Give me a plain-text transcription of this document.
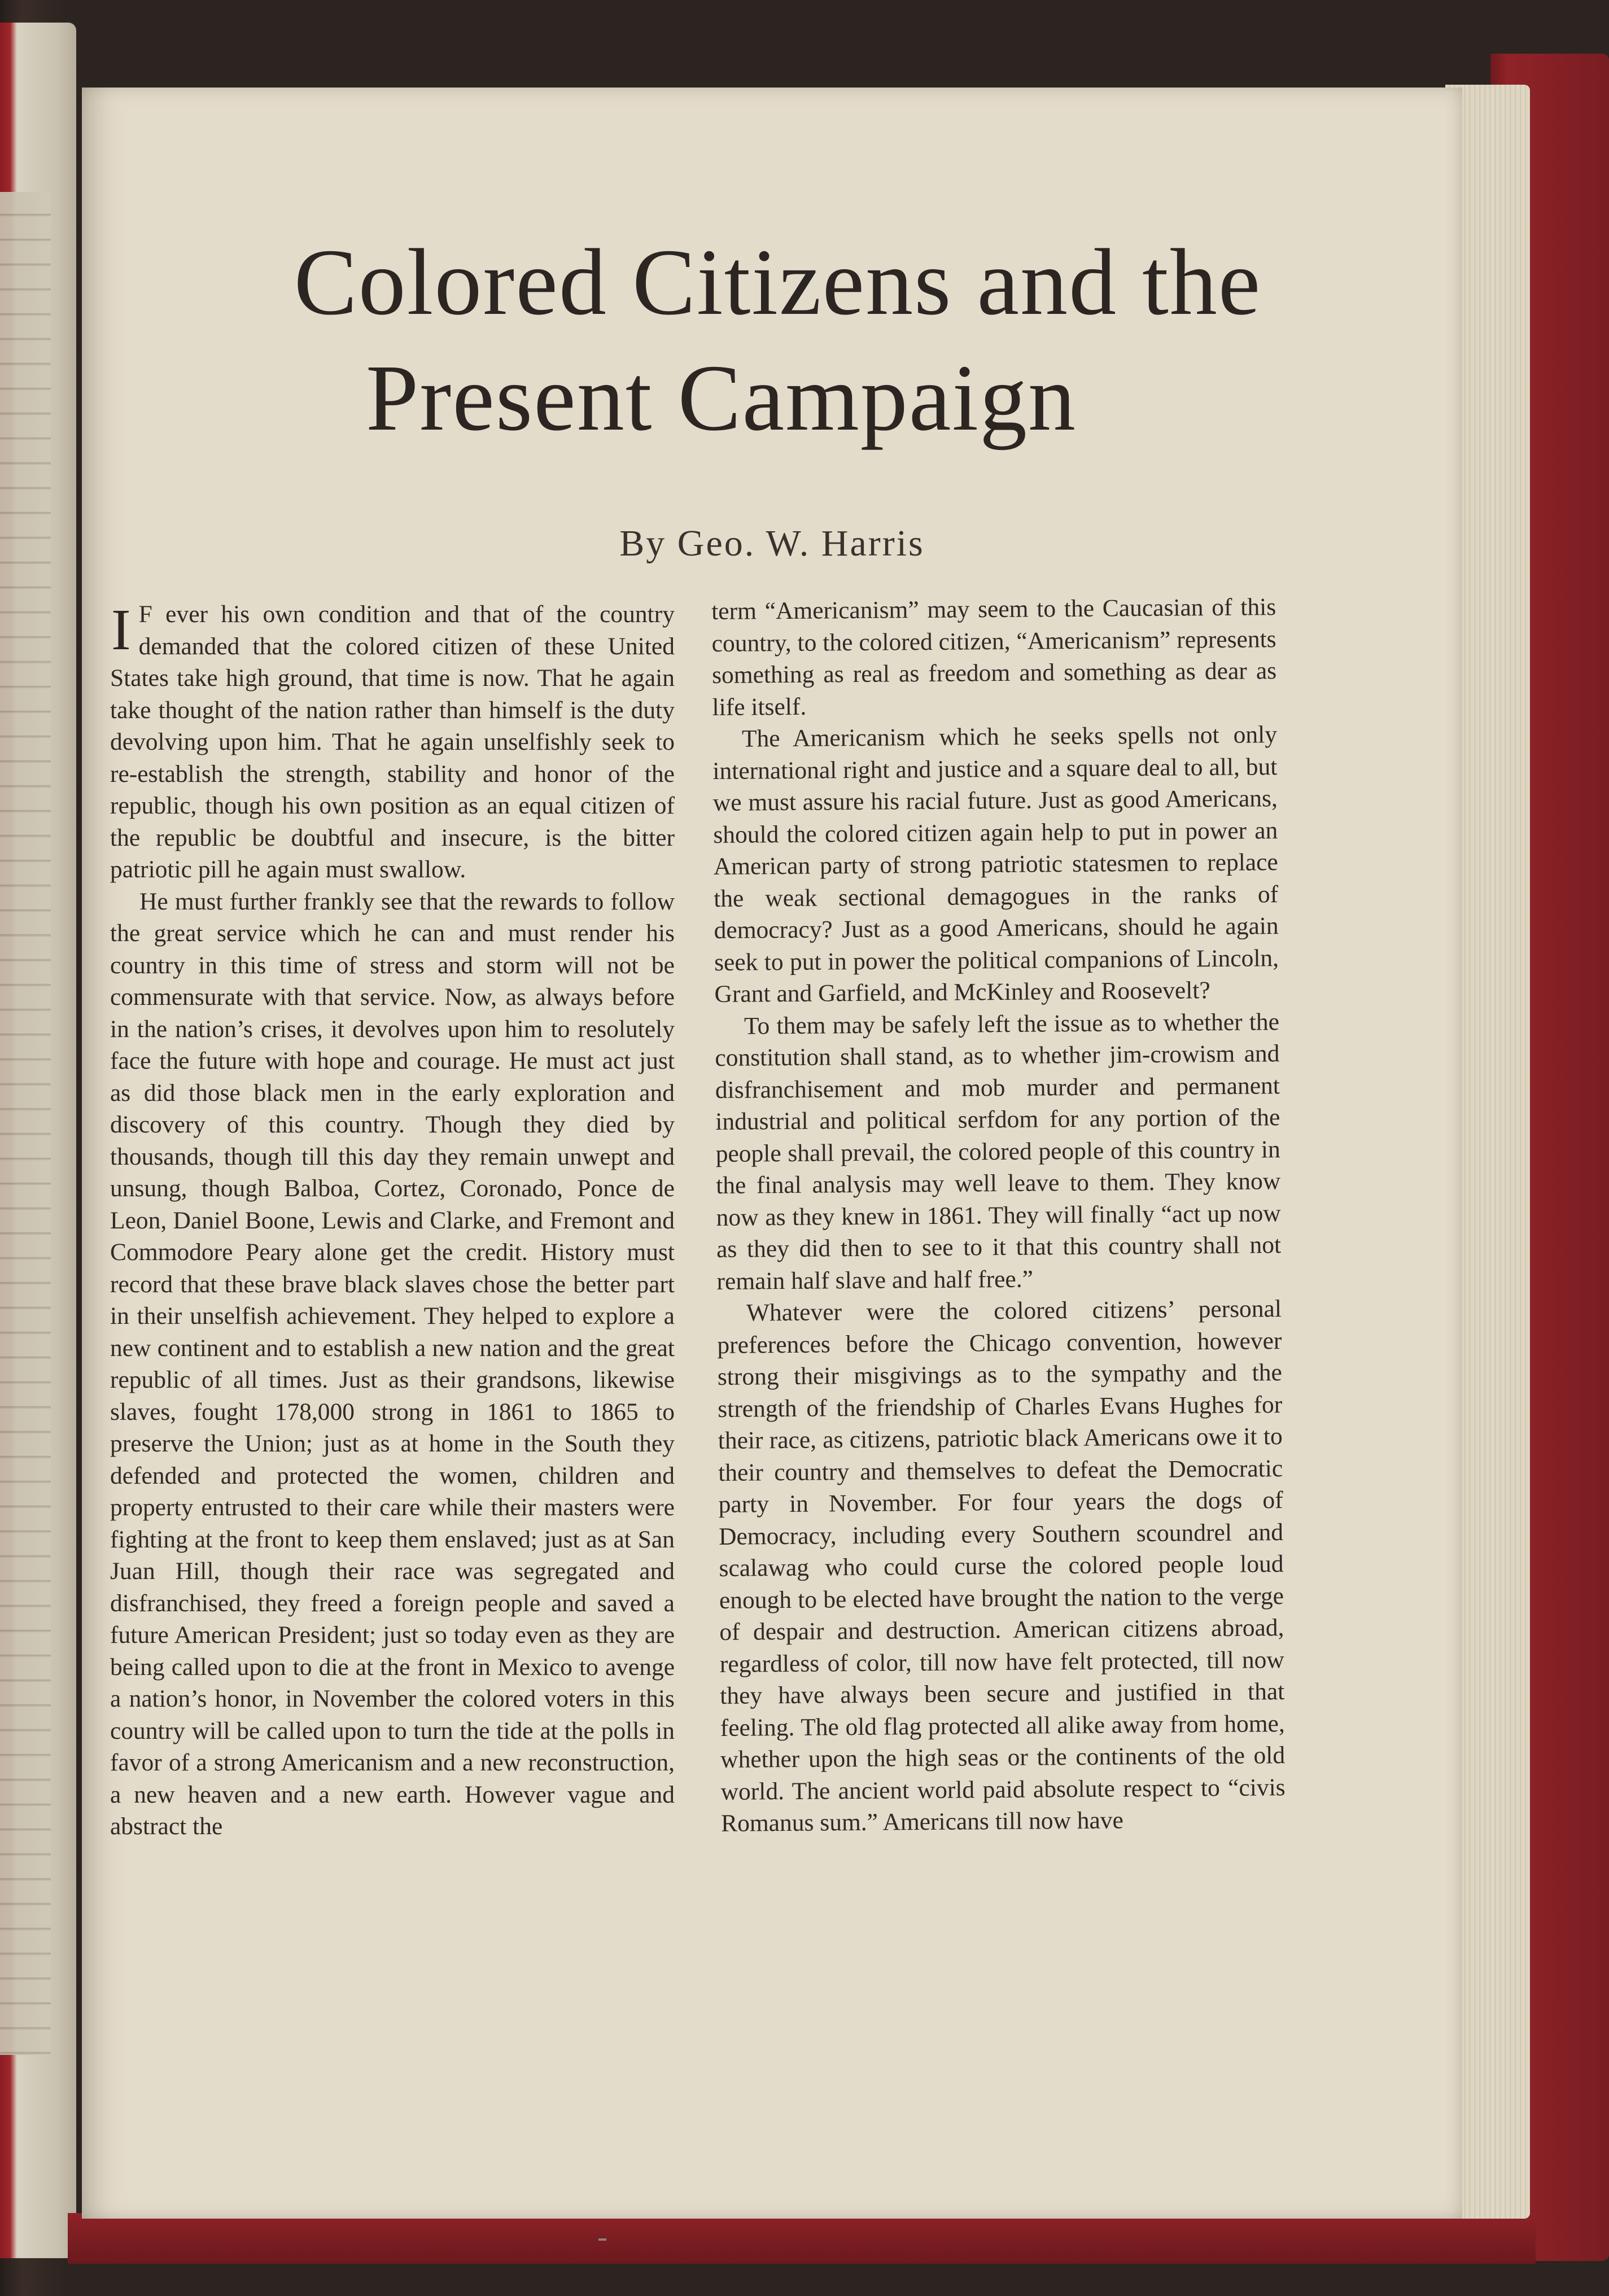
Colored Citizens and the
Present Campaign
By Geo. W. Harris

I F ever his own condition and that of the country demanded that the colored citizen of these United States take high ground, that time is now. That he again take thought of the nation rather than himself is the duty devolving upon him. That he again unselfishly seek to re-establish the strength, stability and honor of the republic, though his own position as an equal citizen of the republic be doubtful and insecure, is the bitter patriotic pill he again must swallow.

He must further frankly see that the rewards to follow the great service which he can and must render his country in this time of stress and storm will not be commensurate with that service. Now, as always before in the nation’s crises, it devolves upon him to resolutely face the future with hope and courage. He must act just as did those black men in the early exploration and discovery of this country. Though they died by thousands, though till this day they remain unwept and unsung, though Balboa, Cortez, Coronado, Ponce de Leon, Daniel Boone, Lewis and Clarke, and Fremont and Commodore Peary alone get the credit. History must record that these brave black slaves chose the better part in their unselfish achievement. They helped to explore a new continent and to establish a new nation and the great republic of all times. Just as their grandsons, likewise slaves, fought 178,000 strong in 1861 to 1865 to preserve the Union; just as at home in the South they defended and protected the women, children and property entrusted to their care while their masters were fighting at the front to keep them enslaved; just as at San Juan Hill, though their race was segregated and disfranchised, they freed a foreign people and saved a future American President; just so today even as they are being called upon to die at the front in Mexico to avenge a nation’s honor, in November the colored voters in this country will be called upon to turn the tide at the polls in favor of a strong Americanism and a new reconstruction, a new heaven and a new earth. However vague and abstract the

term “Americanism” may seem to the Caucasian of this country, to the colored citizen, “Americanism” represents something as real as freedom and something as dear as life itself.

The Americanism which he seeks spells not only international right and justice and a square deal to all, but we must assure his racial future. Just as good Americans, should the colored citizen again help to put in power an American party of strong patriotic statesmen to replace the weak sectional demagogues in the ranks of democracy? Just as a good Americans, should he again seek to put in power the political companions of Lincoln, Grant and Garfield, and McKinley and Roosevelt?

To them may be safely left the issue as to whether the constitution shall stand, as to whether jim-crowism and disfranchisement and mob murder and permanent industrial and political serfdom for any portion of the people shall prevail, the colored people of this country in the final analysis may well leave to them. They know now as they knew in 1861. They will finally “act up now as they did then to see to it that this country shall not remain half slave and half free.”

Whatever were the colored citizens’ personal preferences before the Chicago convention, however strong their misgivings as to the sympathy and the strength of the friendship of Charles Evans Hughes for their race, as citizens, patriotic black Americans owe it to their country and themselves to defeat the Democratic party in November. For four years the dogs of Democracy, including every Southern scoundrel and scalawag who could curse the colored people loud enough to be elected have brought the nation to the verge of despair and destruction. American citizens abroad, regardless of color, till now have felt protected, till now they have always been secure and justified in that feeling. The old flag protected all alike away from home, whether upon the high seas or the continents of the old world. The ancient world paid absolute respect to “civis Romanus sum.” Americans till now have
